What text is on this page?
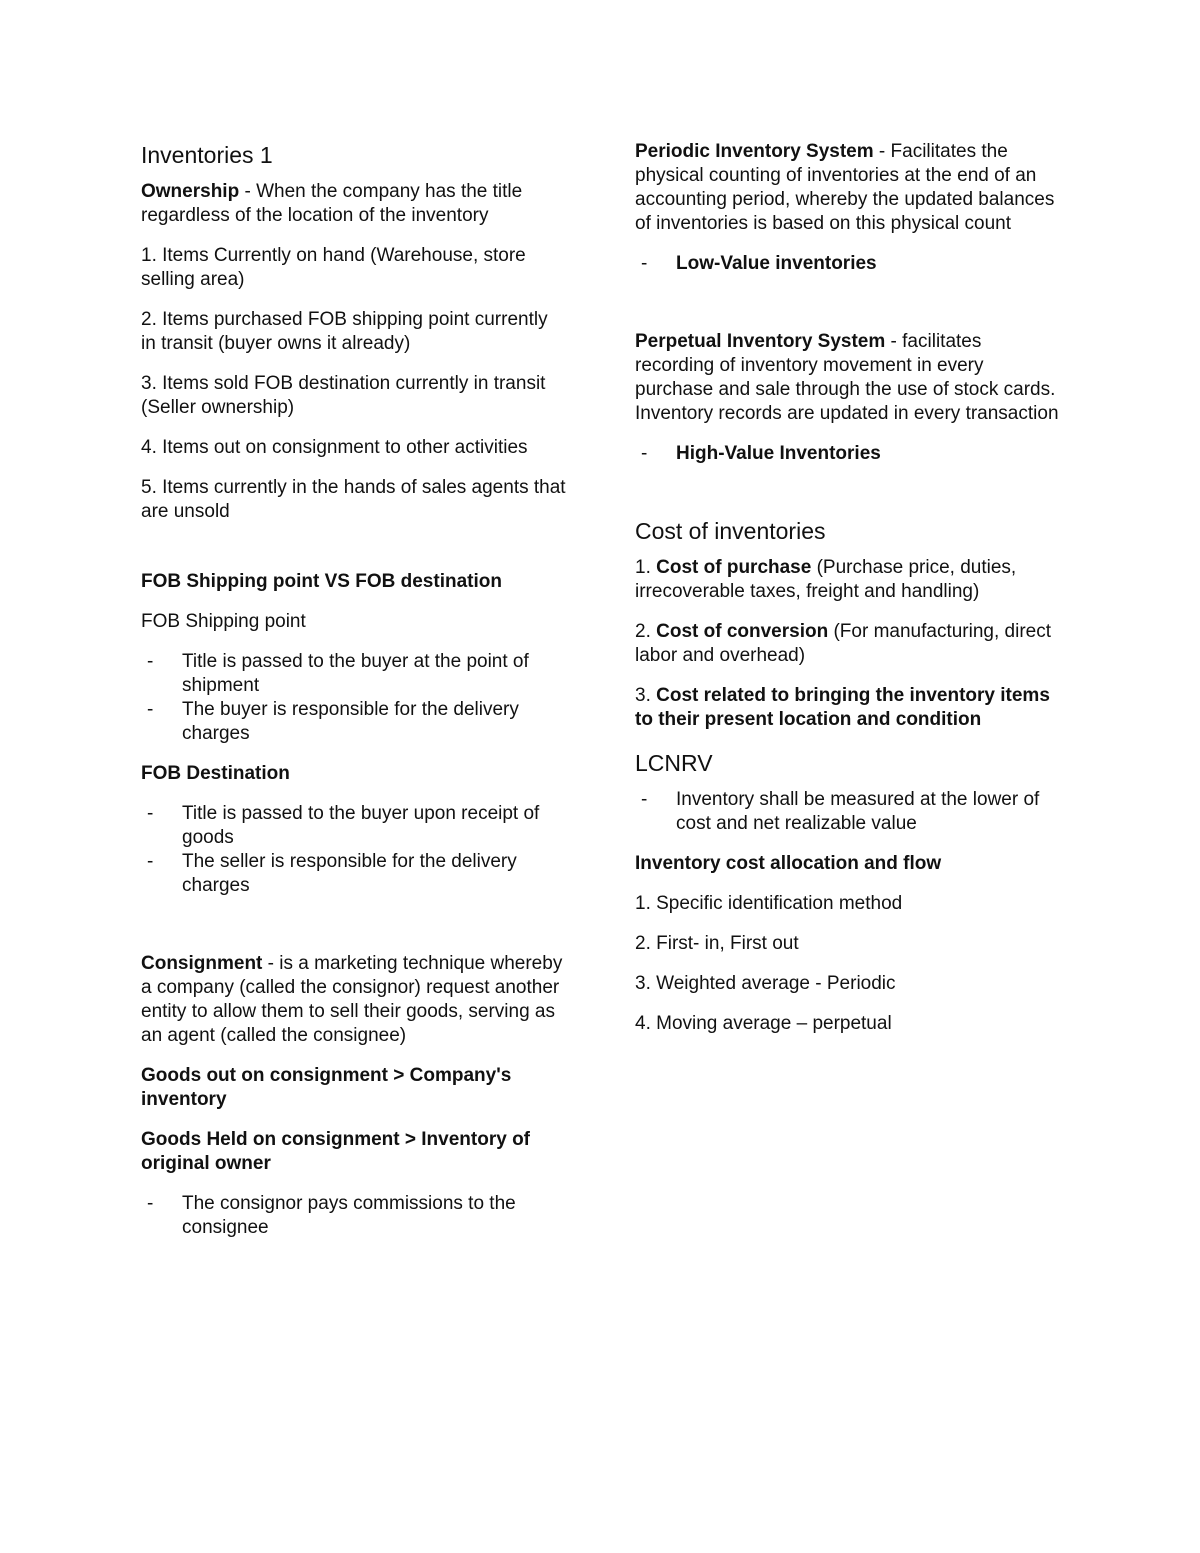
Inventories 1

Ownership - When the company has the title regardless of the location of the inventory

1. Items Currently on hand (Warehouse, store selling area)

2. Items purchased FOB shipping point currently in transit (buyer owns it already)

3. Items sold FOB destination currently in transit (Seller ownership)

4. Items out on consignment to other activities

5. Items currently in the hands of sales agents that are unsold

FOB Shipping point VS FOB destination

FOB Shipping point

- Title is passed to the buyer at the point of shipment
- The buyer is responsible for the delivery charges

FOB Destination

- Title is passed to the buyer upon receipt of goods
- The seller is responsible for the delivery charges

Consignment - is a marketing technique whereby a company (called the consignor) request another entity to allow them to sell their goods, serving as an agent (called the consignee)

Goods out on consignment > Company's inventory

Goods Held on consignment > Inventory of original owner

- The consignor pays commissions to the consignee

Periodic Inventory System - Facilitates the physical counting of inventories at the end of an accounting period, whereby the updated balances of inventories is based on this physical count

- Low-Value inventories

Perpetual Inventory System - facilitates recording of inventory movement in every purchase and sale through the use of stock cards. Inventory records are updated in every transaction

- High-Value Inventories
Cost of inventories

1. Cost of purchase (Purchase price, duties, irrecoverable taxes, freight and handling)

2. Cost of conversion (For manufacturing, direct labor and overhead)

3. Cost related to bringing the inventory items to their present location and condition

LCNRV
- Inventory shall be measured at the lower of cost and net realizable value

Inventory cost allocation and flow

1. Specific identification method

2. First- in, First out

3. Weighted average - Periodic

4. Moving average – perpetual
